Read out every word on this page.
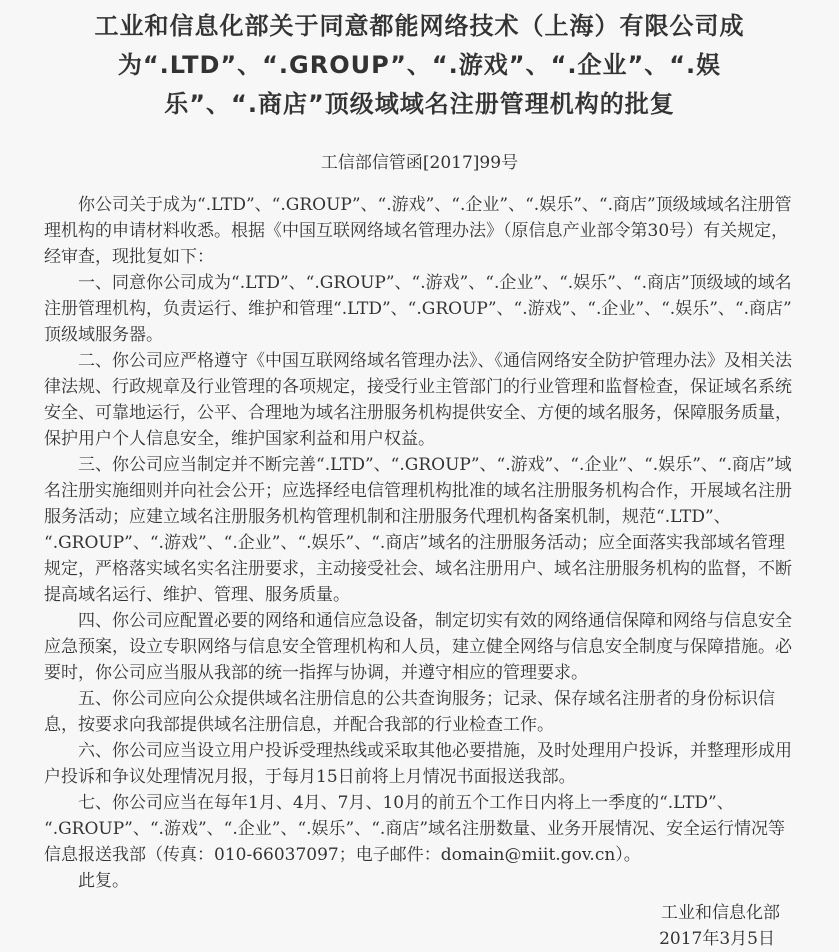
工业和信息化部关于同意都能网络技术（上海）有限公司成为“.LTD”、“.GROUP”、“.游戏”、“.企业”、“.娱乐”、“.商店”顶级域域名注册管理机构的批复
工信部信管函[2017]99号

你公司关于成为“.LTD”、“.GROUP”、“.游戏”、“.企业”、“.娱乐”、“.商店”顶级域域名注册管理机构的申请材料收悉。根据《中国互联网络域名管理办法》（原信息产业部令第30号）有关规定，经审查，现批复如下：

一、同意你公司成为“.LTD”、“.GROUP”、“.游戏”、“.企业”、“.娱乐”、“.商店”顶级域的域名注册管理机构，负责运行、维护和管理“.LTD”、“.GROUP”、“.游戏”、“.企业”、“.娱乐”、“.商店”顶级域服务器。

二、你公司应严格遵守《中国互联网络域名管理办法》、《通信网络安全防护管理办法》及相关法律法规、行政规章及行业管理的各项规定，接受行业主管部门的行业管理和监督检查，保证域名系统安全、可靠地运行，公平、合理地为域名注册服务机构提供安全、方便的域名服务，保障服务质量，保护用户个人信息安全，维护国家利益和用户权益。

三、你公司应当制定并不断完善“.LTD”、“.GROUP”、“.游戏”、“.企业”、“.娱乐”、“.商店”域名注册实施细则并向社会公开；应选择经电信管理机构批准的域名注册服务机构合作，开展域名注册服务活动；应建立域名注册服务机构管理机制和注册服务代理机构备案机制，规范“.LTD”、“.GROUP”、“.游戏”、“.企业”、“.娱乐”、“.商店”域名的注册服务活动；应全面落实我部域名管理规定，严格落实域名实名注册要求，主动接受社会、域名注册用户、域名注册服务机构的监督，不断提高域名运行、维护、管理、服务质量。

四、你公司应配置必要的网络和通信应急设备，制定切实有效的网络通信保障和网络与信息安全应急预案，设立专职网络与信息安全管理机构和人员，建立健全网络与信息安全制度与保障措施。必要时，你公司应当服从我部的统一指挥与协调，并遵守相应的管理要求。

五、你公司应向公众提供域名注册信息的公共查询服务；记录、保存域名注册者的身份标识信息，按要求向我部提供域名注册信息，并配合我部的行业检查工作。

六、你公司应当设立用户投诉受理热线或采取其他必要措施，及时处理用户投诉，并整理形成用户投诉和争议处理情况月报，于每月15日前将上月情况书面报送我部。

七、你公司应当在每年1月、4月、7月、10月的前五个工作日内将上一季度的“.LTD”、“.GROUP”、“.游戏”、“.企业”、“.娱乐”、“.商店”域名注册数量、业务开展情况、安全运行情况等信息报送我部（传真：010-66037097；电子邮件：domain@miit.gov.cn）。

此复。

工业和信息化部
2017年3月5日
